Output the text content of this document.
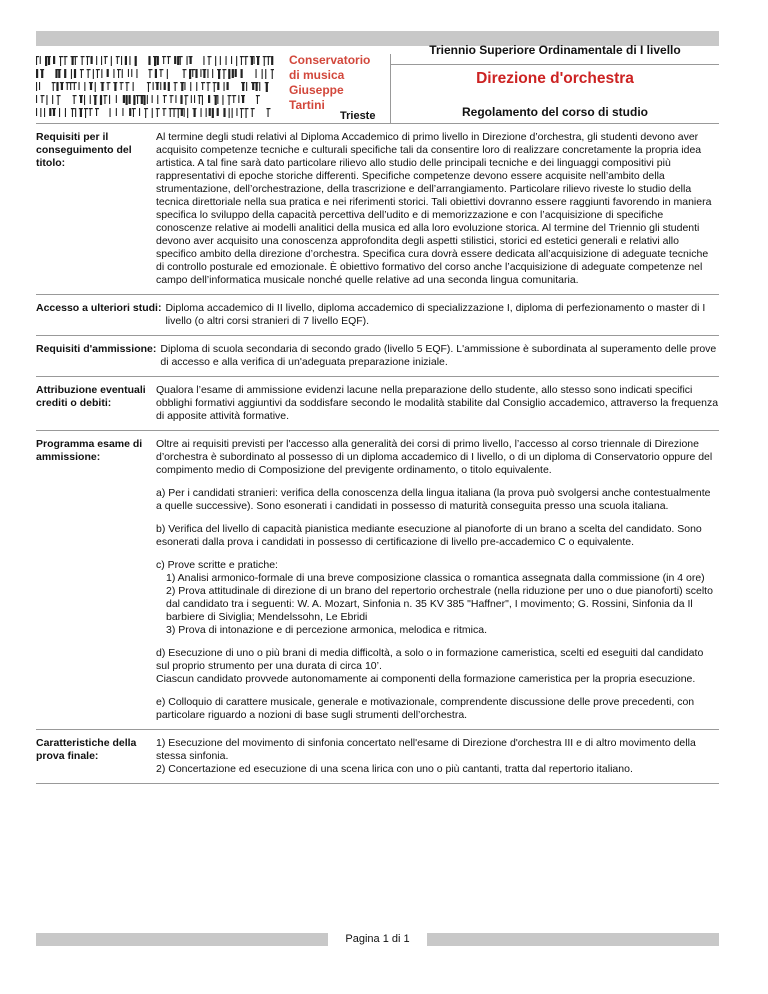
Conservatorio
di musica
Giuseppe
Tartini
Trieste
Triennio Superiore Ordinamentale di I livello
Direzione d'orchestra
Regolamento del corso di studio
Requisiti per il conseguimento del titolo:
Al termine degli studi relativi al Diploma Accademico di primo livello in Direzione d’orchestra, gli studenti devono aver acquisito competenze tecniche e culturali specifiche tali da consentire loro di realizzare concretamente la propria idea artistica. A tal fine sarà dato particolare rilievo allo studio delle principali tecniche e dei linguaggi compositivi più rappresentativi di epoche storiche differenti. Specifiche competenze devono essere acquisite nell’ambito della strumentazione, dell’orchestrazione, della trascrizione e dell’arrangiamento. Particolare rilievo riveste lo studio della tecnica direttoriale nella sua pratica e nei riferimenti storici. Tali obiettivi dovranno essere raggiunti favorendo in maniera specifica lo sviluppo della capacità percettiva dell’udito e di memorizzazione e con l’acquisizione di specifiche conoscenze relative ai modelli analitici della musica ed alla loro evoluzione storica. Al termine del Triennio gli studenti devono aver acquisito una conoscenza approfondita degli aspetti stilistici, storici ed estetici generali e relativi allo specifico ambito della direzione d’orchestra. Specifica cura dovrà essere dedicata all’acquisizione di adeguate tecniche di controllo posturale ed emozionale. È obiettivo formativo del corso anche l’acquisizione di adeguate competenze nel campo dell’informatica musicale nonché quelle relative ad una seconda lingua comunitaria.
Accesso a ulteriori studi: Diploma accademico di II livello, diploma accademico di specializzazione I, diploma di perfezionamento o master di I livello (o altri corsi stranieri di 7 livello EQF).
Requisiti d'ammissione: Diploma di scuola secondaria di secondo grado (livello 5 EQF). L'ammissione è subordinata al superamento delle prove di accesso e alla verifica di un'adeguata preparazione iniziale.
Attribuzione eventuali crediti o debiti:
Qualora l’esame di ammissione evidenzi lacune nella preparazione dello studente, allo stesso sono indicati specifici obblighi formativi aggiuntivi da soddisfare secondo le modalità stabilite dal Consiglio accademico, attraverso la frequenza di apposite attività formative.
Programma esame di ammissione:

Oltre ai requisiti previsti per l'accesso alla generalità dei corsi di primo livello, l’accesso al corso triennale di Direzione d’orchestra è subordinato al possesso di un diploma accademico di I livello, o di un diploma di Conservatorio oppure del compimento medio di Composizione del previgente ordinamento, o titolo equivalente.

a) Per i candidati stranieri: verifica della conoscenza della lingua italiana (la prova può svolgersi anche contestualmente a quelle successive). Sono esonerati i candidati in possesso di maturità conseguita presso una scuola italiana.

b) Verifica del livello di capacità pianistica mediante esecuzione al pianoforte di un brano a scelta del candidato. Sono esonerati dalla prova i candidati in possesso di certificazione di livello pre-accademico C o equivalente.

c) Prove scritte e pratiche:
1) Analisi armonico-formale di una breve composizione classica o romantica assegnata dalla commissione (in 4 ore)
2) Prova attitudinale di direzione di un brano del repertorio orchestrale (nella riduzione per uno o due pianoforti) scelto dal candidato tra i seguenti: W. A. Mozart, Sinfonia n. 35 KV 385 "Haffner", I movimento; G. Rossini, Sinfonia da Il barbiere di Siviglia; Mendelssohn, Le Ebridi
3) Prova di intonazione e di percezione armonica, melodica e ritmica.
d) Esecuzione di uno o più brani di media difficoltà, a solo o in formazione cameristica, scelti ed eseguiti dal candidato sul proprio strumento per una durata di circa 10’.
Ciascun candidato provvede autonomamente ai componenti della formazione cameristica per la propria esecuzione.

e) Colloquio di carattere musicale, generale e motivazionale, comprendente discussione delle prove precedenti, con particolare riguardo a nozioni di base sugli strumenti dell’orchestra.

Caratteristiche della prova finale:
1) Esecuzione del movimento di sinfonia concertato nell'esame di Direzione d'orchestra III e di altro movimento della stessa sinfonia.
2) Concertazione ed esecuzione di una scena lirica con uno o più cantanti, tratta dal repertorio italiano.
Pagina 1 di 1
